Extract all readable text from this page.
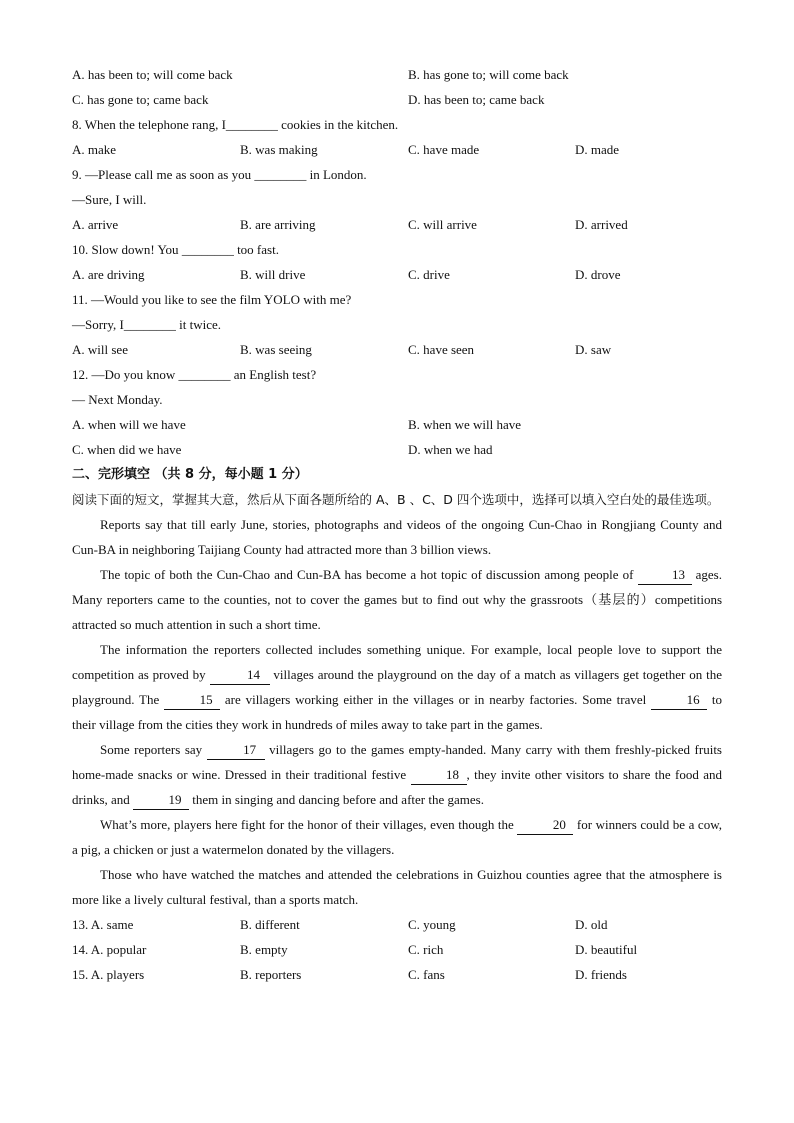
A. has been to; will come back	B. has gone to; will come back
C. has gone to; came back	D. has been to; came back
8. When the telephone rang, I________ cookies in the kitchen.
A. make	B. was making	C. have made	D. made
9. —Please call me as soon as you ________ in London.
—Sure, I will.
A. arrive	B. are arriving	C. will arrive	D. arrived
10. Slow down! You ________ too fast.
A. are driving	B. will drive	C. drive	D. drove
11. —Would you like to see the film YOLO with me?
—Sorry, I________ it twice.
A. will see	B. was seeing	C. have seen	D. saw
12. —Do you know ________ an English test?
— Next Monday.
A. when will we have	B. when we will have
C. when did we have	D. when we had
二、完形填空 （共 8 分，每小题 1 分）
阅读下面的短文，掌握其大意，然后从下面各题所给的 A、B 、C、D 四个选项中，选择可以填入空白处的最佳选项。
Reports say that till early June, stories, photographs and videos of the ongoing Cun-Chao in Rongjiang County and Cun-BA in neighboring Taijiang County had attracted more than 3 billion views.
The topic of both the Cun-Chao and Cun-BA has become a hot topic of discussion among people of	13 ages. Many reporters came to the counties, not to cover the games but to find out why the grassroots（基层的）competitions attracted so much attention in such a short time.
The information the reporters collected includes something unique. For example, local people love to support the competition as proved by	14 villages around the playground on the day of a match as villagers get together on the playground. The	15 are villagers working either in the villages or in nearby factories. Some travel	16 to their village from the cities they work in hundreds of miles away to take part in the games.
Some reporters say	17 villagers go to the games empty-handed. Many carry with them freshly-picked fruits home-made snacks or wine. Dressed in their traditional festive	18 , they invite other visitors to share the food and drinks, and	19 them in singing and dancing before and after the games.
What’s more, players here fight for the honor of their villages, even though the	20 for winners could be a cow, a pig, a chicken or just a watermelon donated by the villagers.
Those who have watched the matches and attended the celebrations in Guizhou counties agree that the atmosphere is more like a lively cultural festival, than a sports match.
13. A. same	B. different	C. young	D. old
14. A. popular	B. empty	C. rich	D. beautiful
15. A. players	B. reporters	C. fans	D. friends
